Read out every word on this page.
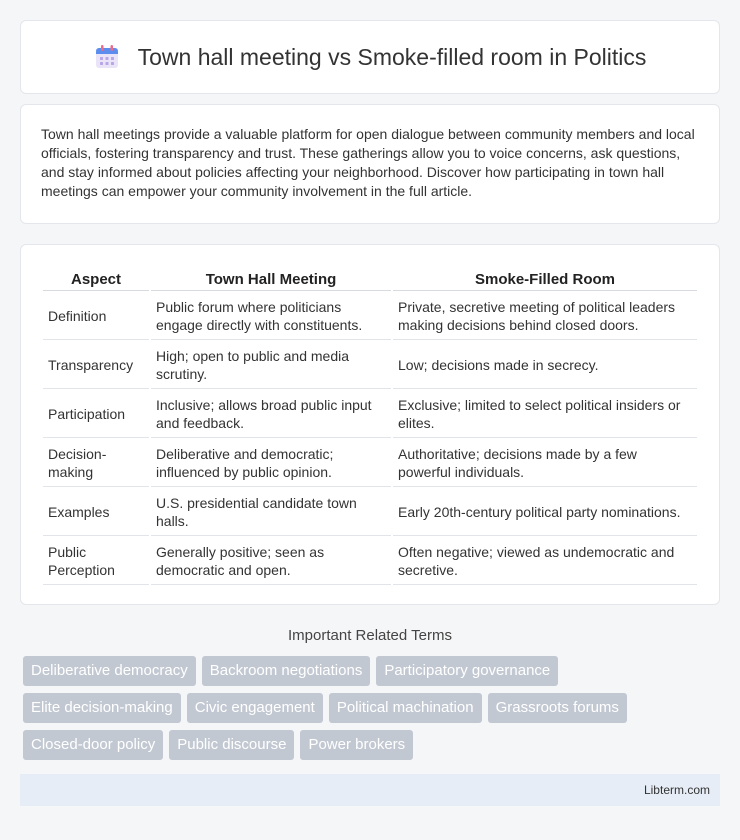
Town hall meeting vs Smoke-filled room in Politics

Town hall meetings provide a valuable platform for open dialogue between community members and local officials, fostering transparency and trust. These gatherings allow you to voice concerns, ask questions, and stay informed about policies affecting your neighborhood. Discover how participating in town hall meetings can empower your community involvement in the full article.

Aspect	Town Hall Meeting	Smoke-Filled Room
Definition	Public forum where politicians engage directly with constituents.	Private, secretive meeting of political leaders making decisions behind closed doors.
Transparency	High; open to public and media scrutiny.	Low; decisions made in secrecy.
Participation	Inclusive; allows broad public input and feedback.	Exclusive; limited to select political insiders or elites.
Decision-making	Deliberative and democratic; influenced by public opinion.	Authoritative; decisions made by a few powerful individuals.
Examples	U.S. presidential candidate town halls.	Early 20th-century political party nominations.
Public Perception	Generally positive; seen as democratic and open.	Often negative; viewed as undemocratic and secretive.
Important Related Terms
Deliberative democracy	Backroom negotiations	Participatory governance
Elite decision-making	Civic engagement	Political machination	Grassroots forums
Closed-door policy	Public discourse	Power brokers
Libterm.com
